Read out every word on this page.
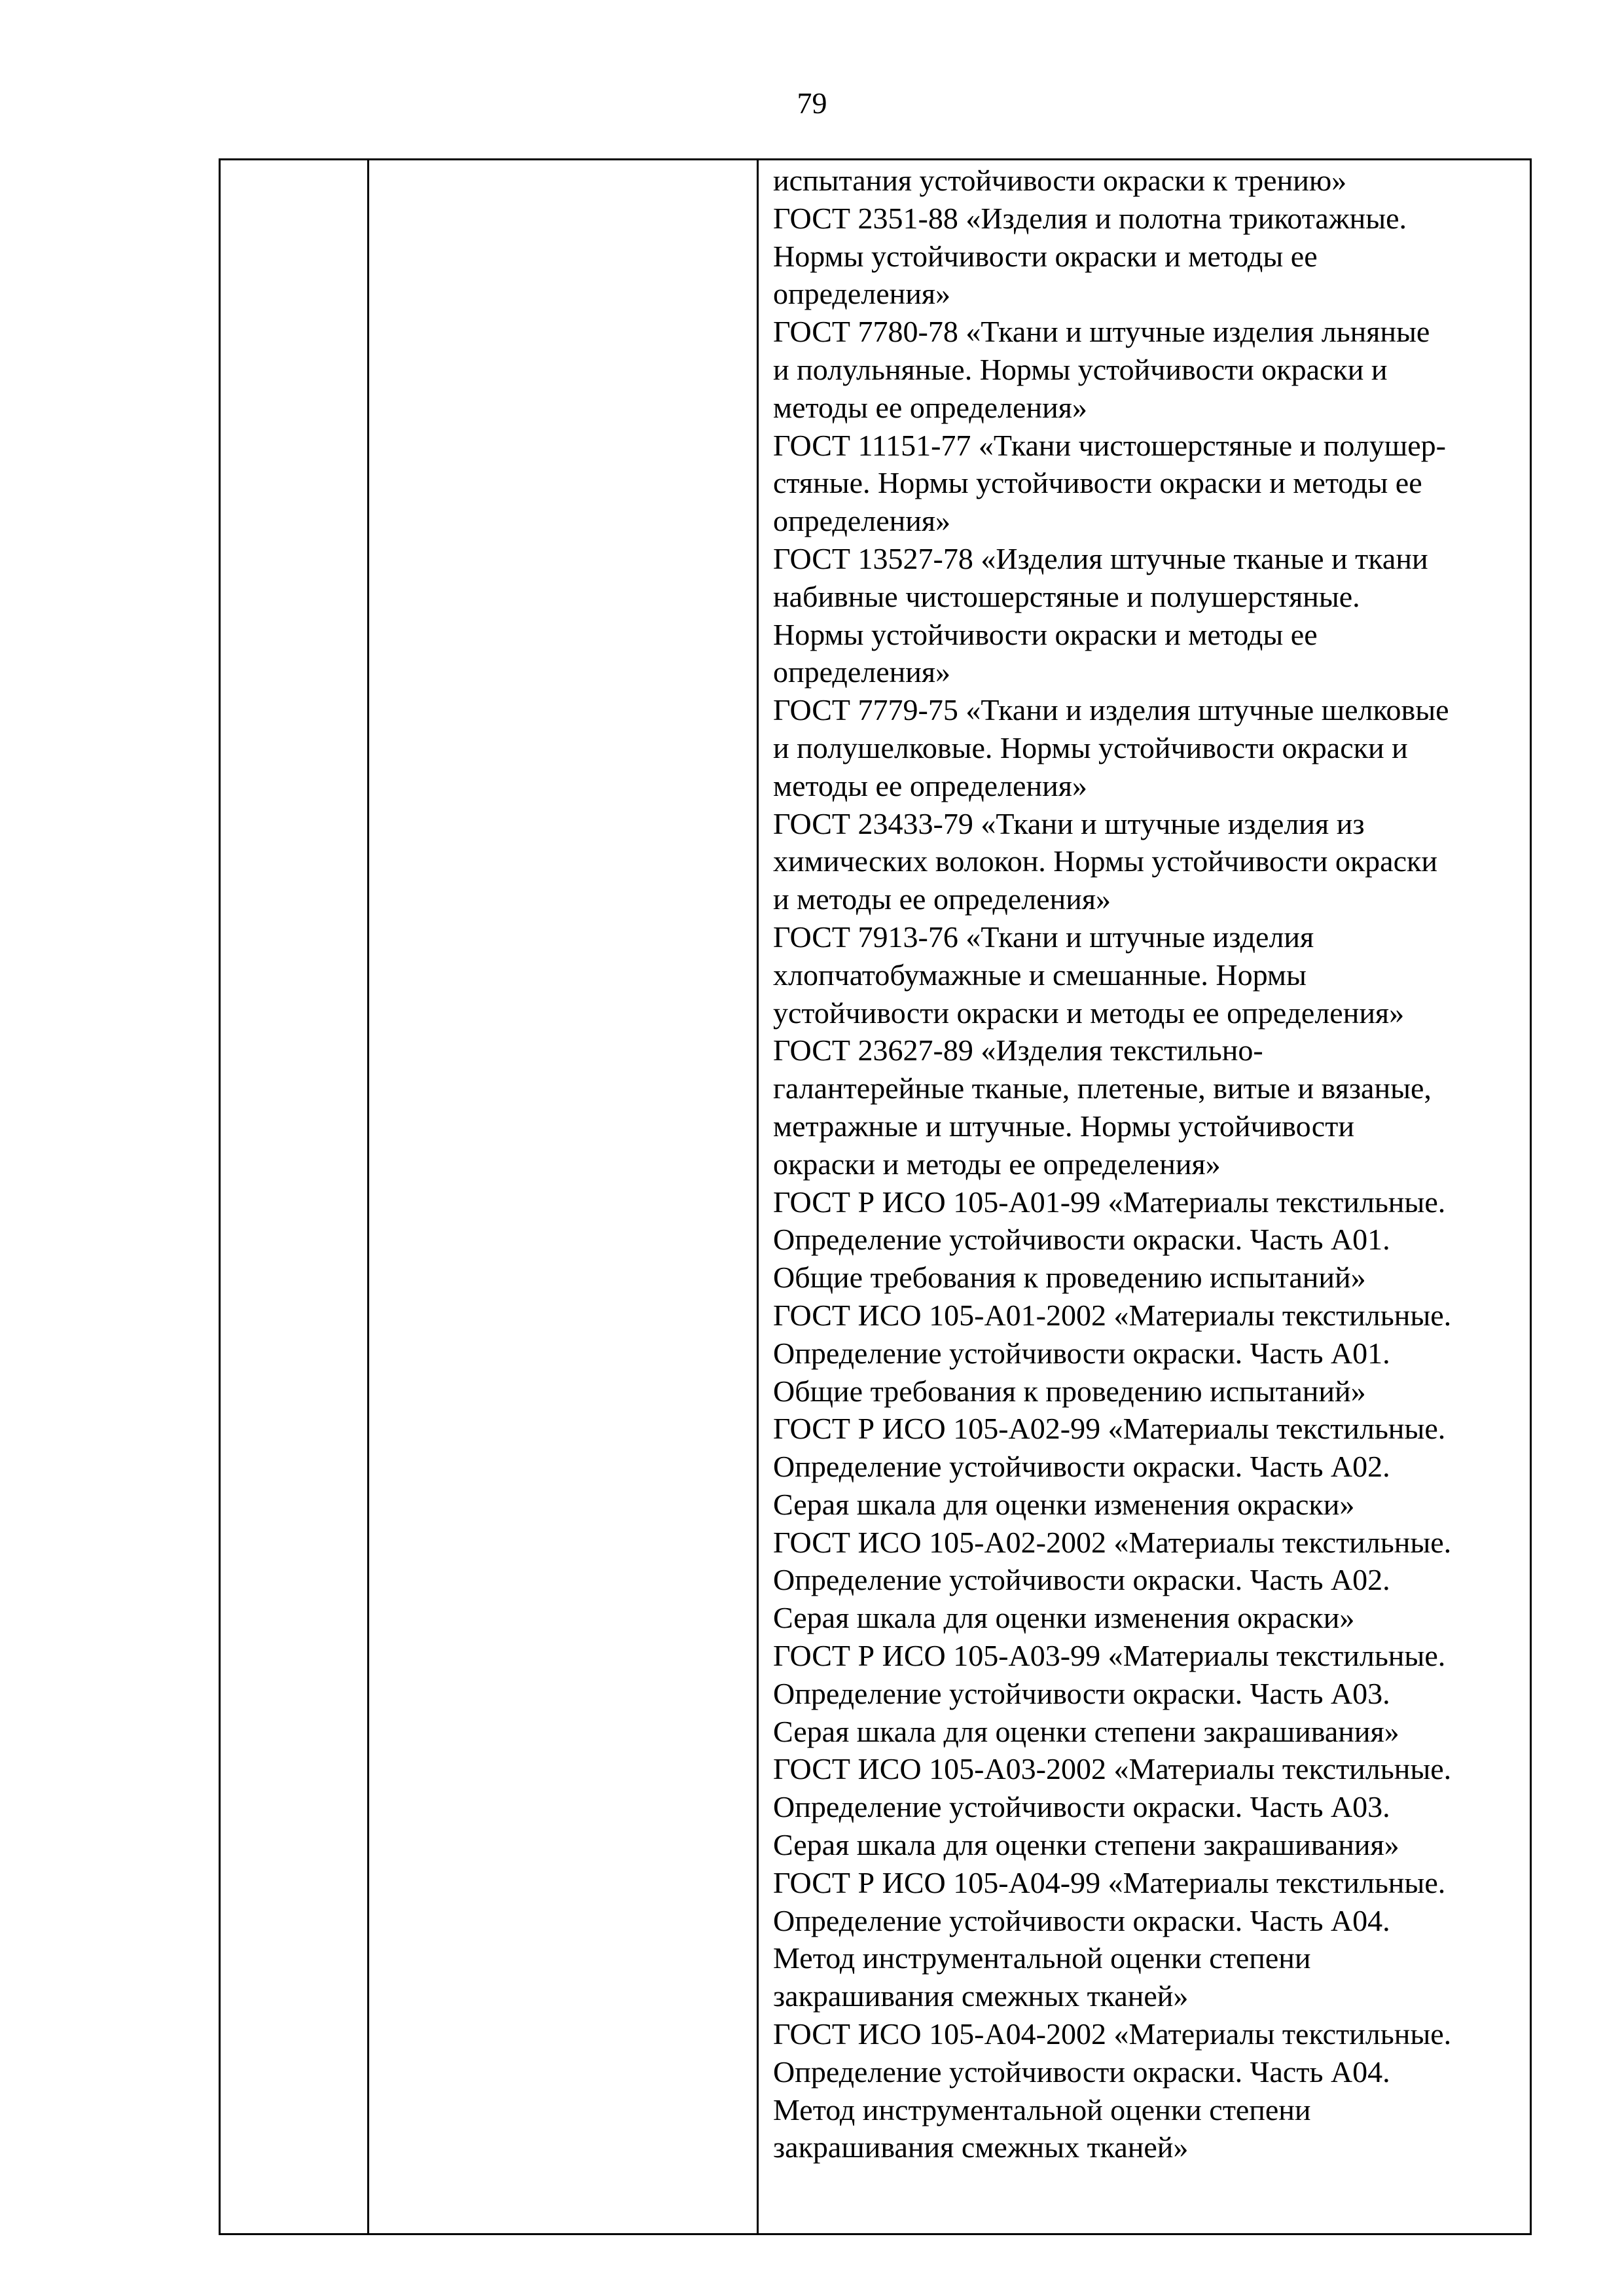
79

испытания устойчивости окраски к трению»
ГОСТ 2351-88 «Изделия и полотна трикотажные.
Нормы устойчивости окраски и методы ее
определения»
ГОСТ 7780-78 «Ткани и штучные изделия льняные
и полульняные. Нормы устойчивости окраски и
методы ее определения»
ГОСТ 11151-77 «Ткани чистошерстяные и полушер-
стяные. Нормы устойчивости окраски и методы ее
определения»
ГОСТ 13527-78 «Изделия штучные тканые и ткани
набивные чистошерстяные и полушерстяные.
Нормы устойчивости окраски и методы ее
определения»
ГОСТ 7779-75 «Ткани и изделия штучные шелковые
и полушелковые. Нормы устойчивости окраски и
методы ее определения»
ГОСТ 23433-79 «Ткани и штучные изделия из
химических волокон. Нормы устойчивости окраски
и методы ее определения»
ГОСТ 7913-76 «Ткани и штучные изделия
хлопчатобумажные и смешанные. Нормы
устойчивости окраски и методы ее определения»
ГОСТ 23627-89 «Изделия текстильно-
галантерейные тканые, плетеные, витые и вязаные,
метражные и штучные. Нормы устойчивости
окраски и методы ее определения»
ГОСТ Р ИСО 105-А01-99 «Материалы текстильные.
Определение устойчивости окраски. Часть А01.
Общие требования к проведению испытаний»
ГОСТ ИСО 105-А01-2002 «Материалы текстильные.
Определение устойчивости окраски. Часть А01.
Общие требования к проведению испытаний»
ГОСТ Р ИСО 105-А02-99 «Материалы текстильные.
Определение устойчивости окраски. Часть А02.
Серая шкала для оценки изменения окраски»
ГОСТ ИСО 105-А02-2002 «Материалы текстильные.
Определение устойчивости окраски. Часть А02.
Серая шкала для оценки изменения окраски»
ГОСТ Р ИСО 105-А03-99 «Материалы текстильные.
Определение устойчивости окраски. Часть А03.
Серая шкала для оценки степени закрашивания»
ГОСТ ИСО 105-А03-2002 «Материалы текстильные.
Определение устойчивости окраски. Часть А03.
Серая шкала для оценки степени закрашивания»
ГОСТ Р ИСО 105-А04-99 «Материалы текстильные.
Определение устойчивости окраски. Часть А04.
Метод инструментальной оценки степени
закрашивания смежных тканей»
ГОСТ ИСО 105-А04-2002 «Материалы текстильные.
Определение устойчивости окраски. Часть А04.
Метод инструментальной оценки степени
закрашивания смежных тканей»
